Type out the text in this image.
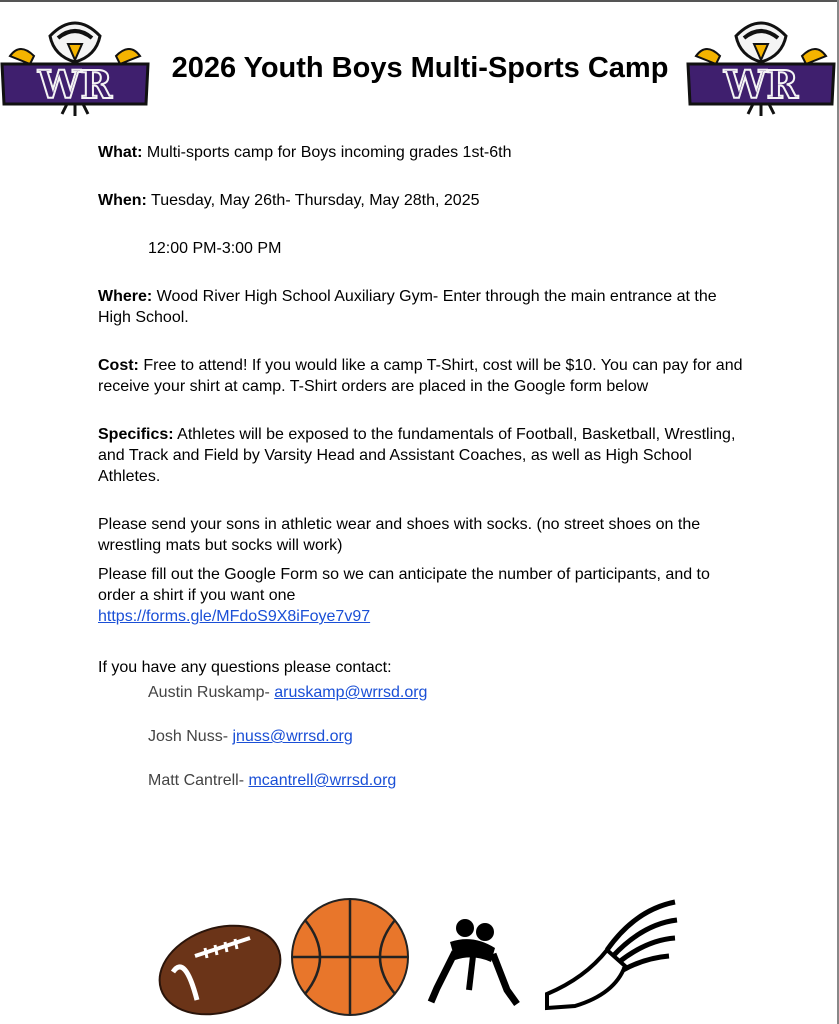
WR	2026 Youth Boys Multi-Sports Camp	WR

What: Multi-sports camp for Boys incoming grades 1st-6th

When: Tuesday, May 26th- Thursday, May 28th, 2025

12:00 PM-3:00 PM

Where: Wood River High School Auxiliary Gym- Enter through the main entrance at the High School.

Cost: Free to attend! If you would like a camp T-Shirt, cost will be $10. You can pay for and receive your shirt at camp. T-Shirt orders are placed in the Google form below

Specifics: Athletes will be exposed to the fundamentals of Football, Basketball, Wrestling, and Track and Field by Varsity Head and Assistant Coaches, as well as High School Athletes.

Please send your sons in athletic wear and shoes with socks. (no street shoes on the wrestling mats but socks will work)

Please fill out the Google Form so we can anticipate the number of participants, and to order a shirt if you want one

https://forms.gle/MFdoS9X8iFoye7v97

If you have any questions please contact:

Austin Ruskamp- aruskamp@wrrsd.org

Josh Nuss- jnuss@wrrsd.org

Matt Cantrell- mcantrell@wrrsd.org
